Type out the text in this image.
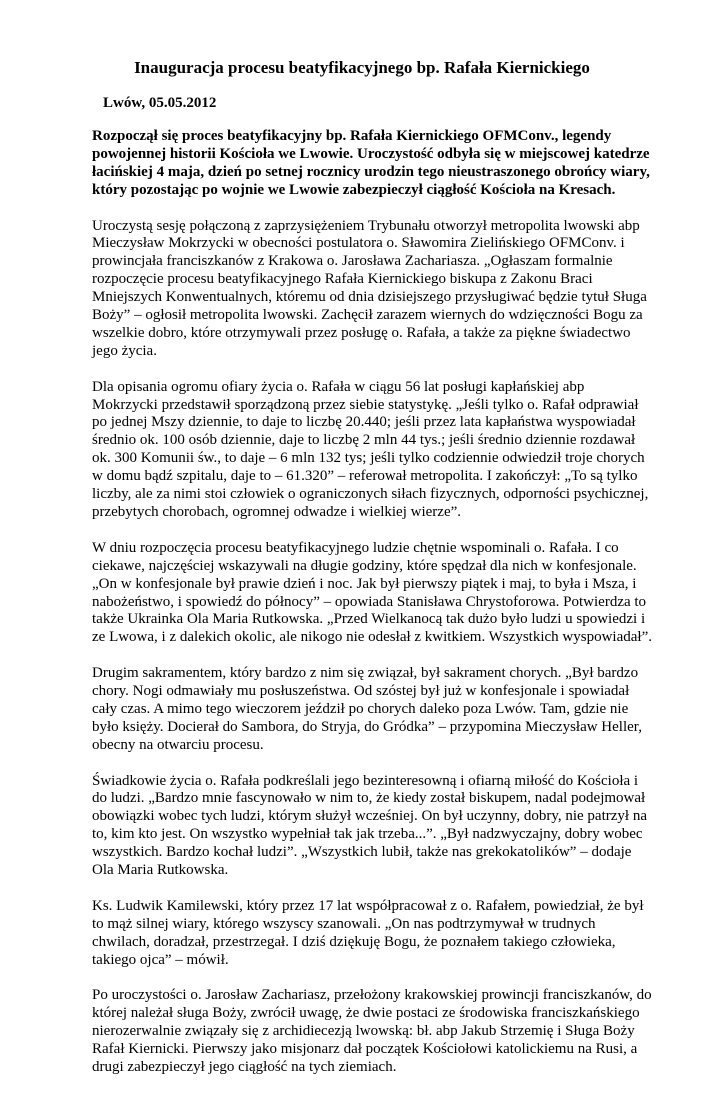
Inauguracja procesu beatyfikacyjnego bp. Rafała Kiernickiego

Lwów, 05.05.2012

Rozpoczął się proces beatyfikacyjny bp. Rafała Kiernickiego OFMConv., legendy powojennej historii Kościoła we Lwowie. Uroczystość odbyła się w miejscowej katedrze łacińskiej 4 maja, dzień po setnej rocznicy urodzin tego nieustraszonego obrońcy wiary, który pozostając po wojnie we Lwowie zabezpieczył ciągłość Kościoła na Kresach.

Uroczystą sesję połączoną z zaprzysiężeniem Trybunału otworzył metropolita lwowski abp Mieczysław Mokrzycki w obecności postulatora o. Sławomira Zielińskiego OFMConv. i prowincjała franciszkanów z Krakowa o. Jarosława Zachariasza. „Ogłaszam formalnie rozpoczęcie procesu beatyfikacyjnego Rafała Kiernickiego biskupa z Zakonu Braci Mniejszych Konwentualnych, któremu od dnia dzisiejszego przysługiwać będzie tytuł Sługa Boży” – ogłosił metropolita lwowski. Zachęcił zarazem wiernych do wdzięczności Bogu za wszelkie dobro, które otrzymywali przez posługę o. Rafała, a także za piękne świadectwo jego życia.

Dla opisania ogromu ofiary życia o. Rafała w ciągu 56 lat posługi kapłańskiej abp Mokrzycki przedstawił sporządzoną przez siebie statystykę. „Jeśli tylko o. Rafał odprawiał po jednej Mszy dziennie, to daje to liczbę 20.440; jeśli przez lata kapłaństwa wyspowiadał średnio ok. 100 osób dziennie, daje to liczbę 2 mln 44 tys.; jeśli średnio dziennie rozdawał ok. 300 Komunii św., to daje – 6 mln 132 tys; jeśli tylko codziennie odwiedził troje chorych w domu bądź szpitalu, daje to – 61.320” – referował metropolita. I zakończył: „To są tylko liczby, ale za nimi stoi człowiek o ograniczonych siłach fizycznych, odporności psychicznej, przebytych chorobach, ogromnej odwadze i wielkiej wierze”.

W dniu rozpoczęcia procesu beatyfikacyjnego ludzie chętnie wspominali o. Rafała. I co ciekawe, najczęściej wskazywali na długie godziny, które spędzał dla nich w konfesjonale. „On w konfesjonale był prawie dzień i noc. Jak był pierwszy piątek i maj, to była i Msza, i nabożeństwo, i spowiedź do północy” – opowiada Stanisława Chrystoforowa. Potwierdza to także Ukrainka Ola Maria Rutkowska. „Przed Wielkanocą tak dużo było ludzi u spowiedzi i ze Lwowa, i z dalekich okolic, ale nikogo nie odesłał z kwitkiem. Wszystkich wyspowiadał”.

Drugim sakramentem, który bardzo z nim się związał, był sakrament chorych. „Był bardzo chory. Nogi odmawiały mu posłuszeństwa. Od szóstej był już w konfesjonale i spowiadał cały czas. A mimo tego wieczorem jeździł po chorych daleko poza Lwów. Tam, gdzie nie było księży. Docierał do Sambora, do Stryja, do Gródka” – przypomina Mieczysław Heller, obecny na otwarciu procesu.

Świadkowie życia o. Rafała podkreślali jego bezinteresowną i ofiarną miłość do Kościoła i do ludzi. „Bardzo mnie fascynowało w nim to, że kiedy został biskupem, nadal podejmował obowiązki wobec tych ludzi, którym służył wcześniej. On był uczynny, dobry, nie patrzył na to, kim kto jest. On wszystko wypełniał tak jak trzeba...”. „Był nadzwyczajny, dobry wobec wszystkich. Bardzo kochał ludzi”. „Wszystkich lubił, także nas grekokatolików” – dodaje Ola Maria Rutkowska.

Ks. Ludwik Kamilewski, który przez 17 lat współpracował z o. Rafałem, powiedział, że był to mąż silnej wiary, którego wszyscy szanowali. „On nas podtrzymywał w trudnych chwilach, doradzał, przestrzegał. I dziś dziękuję Bogu, że poznałem takiego człowieka, takiego ojca” – mówił.

Po uroczystości o. Jarosław Zachariasz, przełożony krakowskiej prowincji franciszkanów, do której należał sługa Boży, zwrócił uwagę, że dwie postaci ze środowiska franciszkańskiego nierozerwalnie związały się z archidiecezją lwowską: bł. abp Jakub Strzemię i Sługa Boży Rafał Kiernicki. Pierwszy jako misjonarz dał początek Kościołowi katolickiemu na Rusi, a drugi zabezpieczył jego ciągłość na tych ziemiach.
